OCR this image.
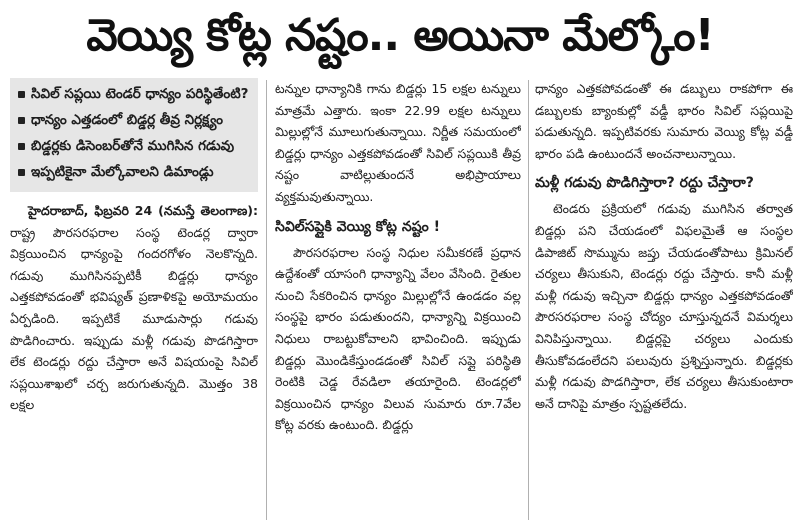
వెయ్యి కోట్ల నష్టం.. అయినా మేల్కోం!
సివిల్ సప్లయి టెండర్ ధాన్యం పరిస్థితేంటి?
ధాన్యం ఎత్తడంలో బిడ్డర్ల తీవ్ర నిర్లక్ష్యం
బిడ్డర్లకు డిసెంబర్‌తోనే ముగిసిన గడువు
ఇప్పటికైనా మేల్కోవాలని డిమాండ్లు

హైదరాబాద్, ఫిబ్రవరి 24 (నమస్తే తెలంగాణ): రాష్ట్ర పౌరసరఫరాల సంస్థ టెండర్ల ద్వారా విక్రయించిన ధాన్యంపై గందరగోళం నెలకొన్నది. గడువు ముగిసినప్పటికీ బిడ్డర్లు ధాన్యం ఎత్తకపోవడంతో భవిష్యత్ ప్రణాళికపై అయోమయం ఏర్పడింది. ఇప్పటికే మూడుసార్లు గడువు పొడిగించారు. ఇప్పుడు మళ్లీ గడువు పొడగిస్తారా లేక టెండర్లు రద్దు చేస్తారా అనే విషయంపై సివిల్ సప్లయిశాఖలో చర్చ జరుగుతున్నది. మొత్తం 38 లక్షల

టన్నుల ధాన్యానికి గాను బిడ్డర్లు 15 లక్షల టన్నులు మాత్రమే ఎత్తారు. ఇంకా 22.99 లక్షల టన్నులు మిల్లుల్లోనే మూలుగుతున్నాయి. నిర్ణీత సమయంలో బిడ్డర్లు ధాన్యం ఎత్తకపోవడంతో సివిల్ సప్లయికి తీవ్ర నష్టం వాటిల్లుతుందనే అభిప్రాయాలు వ్యక్తమవుతున్నాయి.

సివిల్‌సప్లైకి వెయ్యి కోట్ల నష్టం !

పౌరసరఫరాల సంస్థ నిధుల సమీకరణే ప్రధాన ఉద్దేశంతో యాసంగి ధాన్యాన్ని వేలం వేసింది. రైతుల నుంచి సేకరించిన ధాన్యం మిల్లుల్లోనే ఉండడం వల్ల సంస్థపై భారం పడుతుందని, ధాన్యాన్ని విక్రయించి నిధులు రాబట్టుకోవాలని భావించింది. ఇప్పుడు బిడ్డర్లు మొండికేస్తుండడంతో సివిల్ సప్లై పరిస్థితి రెంటికి చెడ్డ రేవడిలా తయారైంది. టెండర్లలో విక్రయించిన ధాన్యం విలువ సుమారు రూ.7వేల కోట్ల వరకు ఉంటుంది. బిడ్డర్లు

ధాన్యం ఎత్తకపోవడంతో ఈ డబ్బులు రాకపోగా ఈ డబ్బులకు బ్యాంకుల్లో వడ్డీ భారం సివిల్ సప్లయిపై పడుతున్నది. ఇప్పటివరకు సుమారు వెయ్యి కోట్ల వడ్డీ భారం పడి ఉంటుందనే అంచనాలున్నాయి.

మళ్లీ గడువు పొడిగిస్తారా? రద్దు చేస్తారా?

టెండరు ప్రక్రియలో గడువు ముగిసిన తర్వాత బిడ్డర్లు పని చేయడంలో విఫలమైతే ఆ సంస్థల డిపాజిట్ సొమ్మును జప్తు చేయడంతోపాటు క్రిమినల్ చర్యలు తీసుకుని, టెండర్లు రద్దు చేస్తారు. కానీ మళ్లీ మళ్లీ గడువు ఇచ్చినా బిడ్డర్లు ధాన్యం ఎత్తకపోవడంతో పౌరసరఫరాల సంస్థ చోద్యం చూస్తున్నదనే విమర్శలు వినిపిస్తున్నాయి. బిడ్డర్లపై చర్యలు ఎందుకు తీసుకోవడంలేదని పలువురు ప్రశ్నిస్తున్నారు. బిడ్డర్లకు మళ్లీ గడువు పొడగిస్తారా, లేక చర్యలు తీసుకుంటారా అనే దానిపై మాత్రం స్పష్టతలేదు.
